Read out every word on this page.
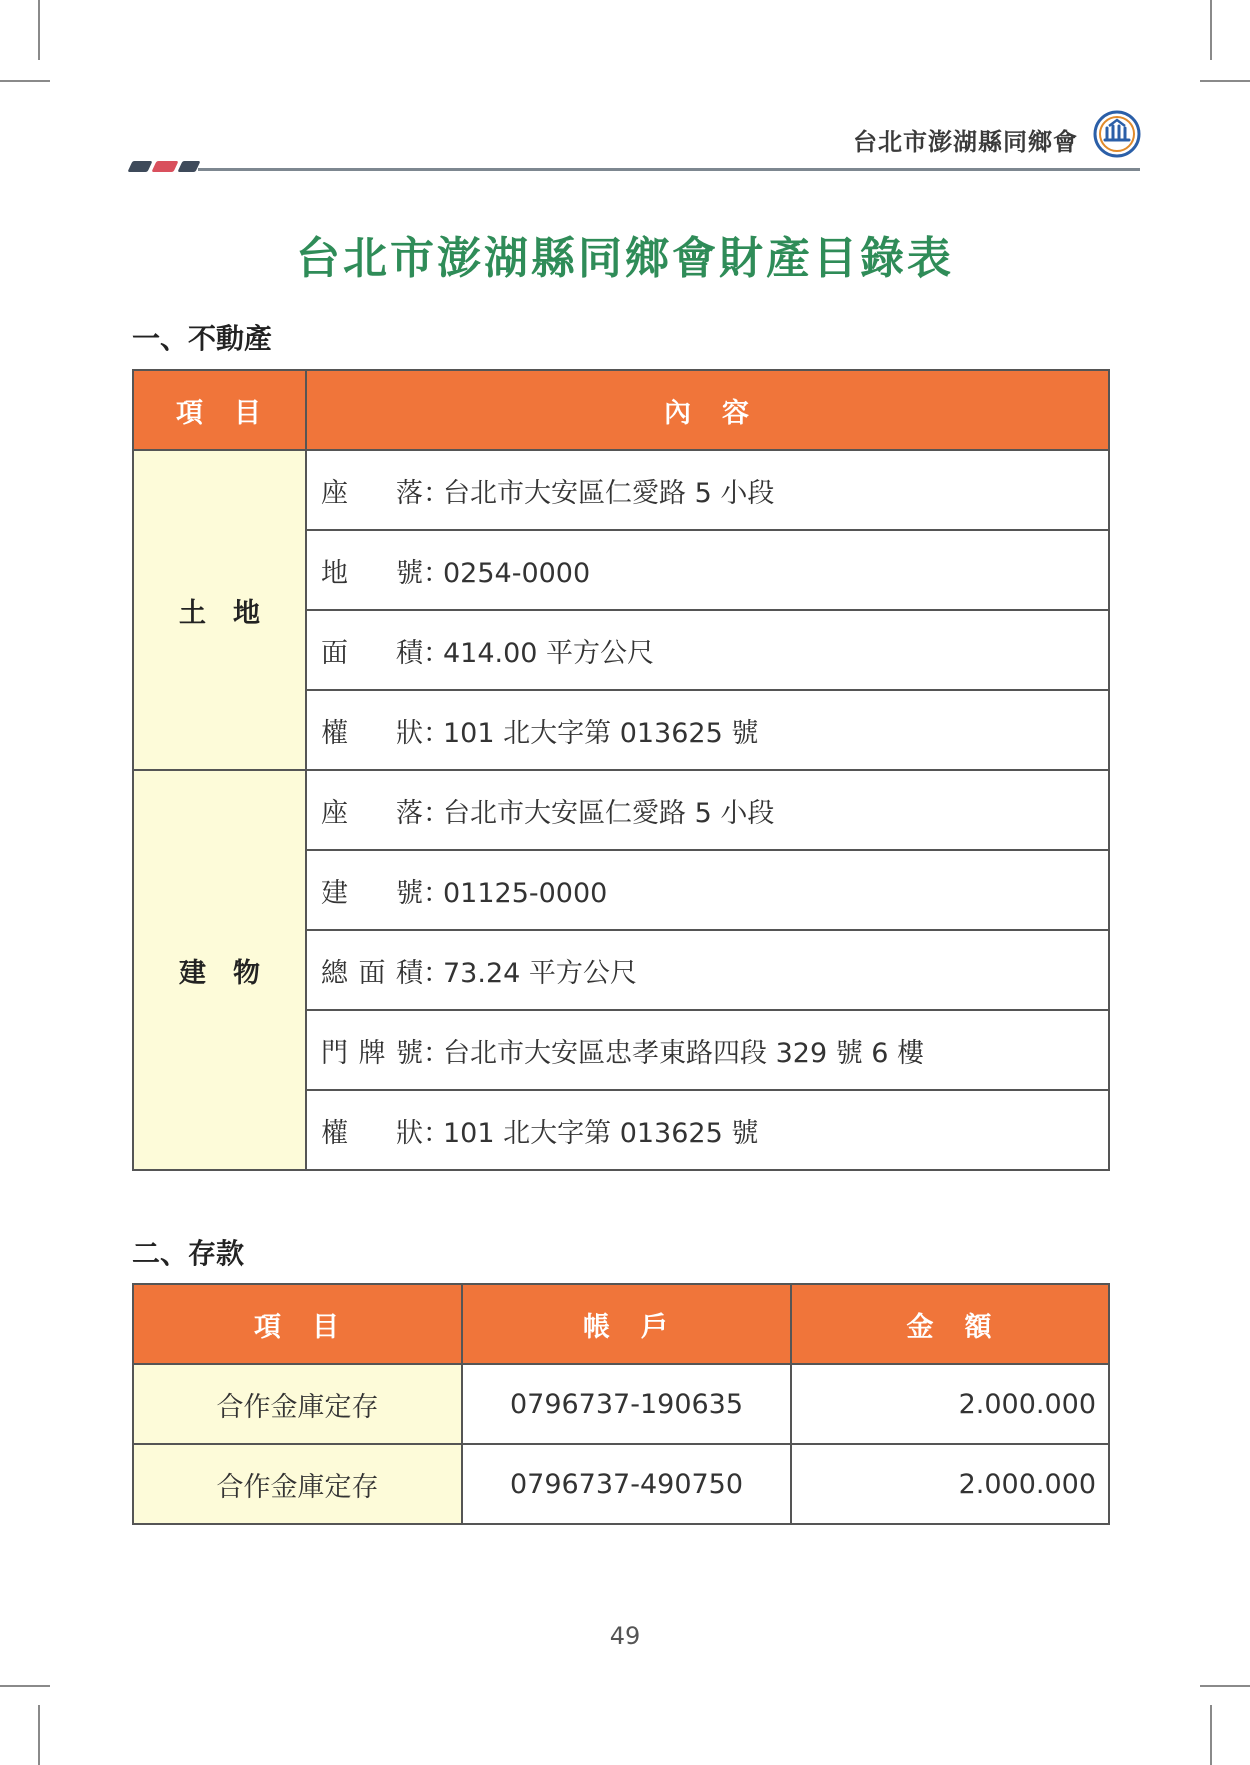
台北市澎湖縣同鄉會
台北市澎湖縣同鄉會財產目錄表
一、不動產
項　目	內　容
土　地	座　落：台北市大安區仁愛路 5 小段
	地　號：0254-0000
	面　積：414.00 平方公尺
	權　狀：101 北大字第 013625 號
建　物	座　落：台北市大安區仁愛路 5 小段
	建　號：01125-0000
	總面積：73.24 平方公尺
	門牌號：台北市大安區忠孝東路四段 329 號 6 樓
	權　狀：101 北大字第 013625 號
二、存款
項　目	帳　戶	金　額
合作金庫定存	0796737-190635	2.000.000
合作金庫定存	0796737-490750	2.000.000
49
